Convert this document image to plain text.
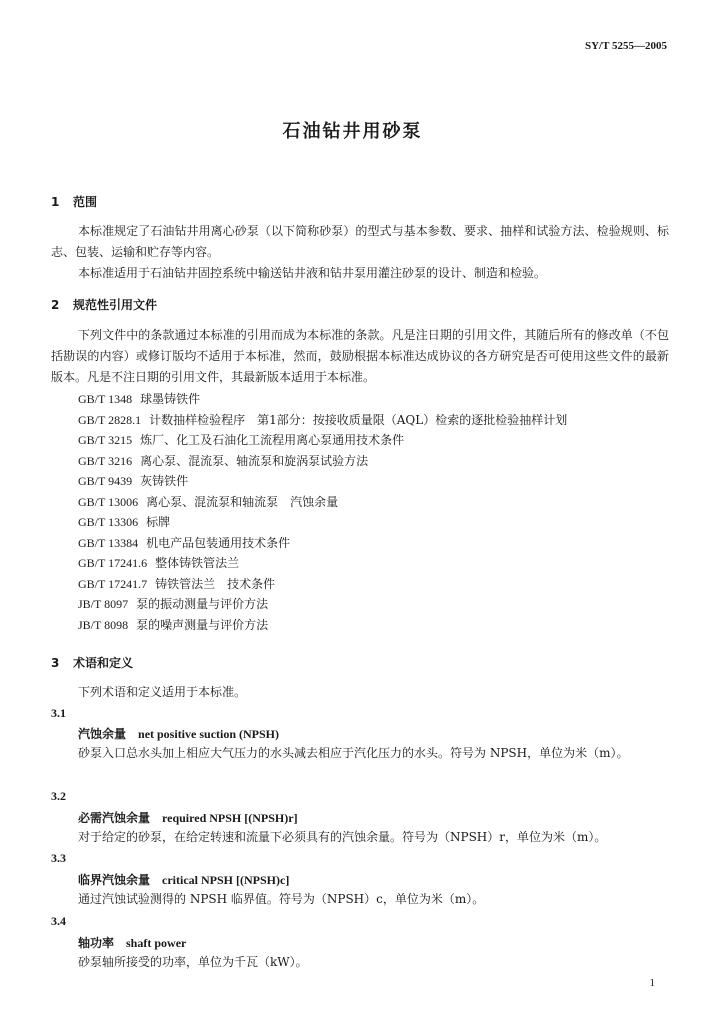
SY/T 5255—2005
石油钻井用砂泵
1 范围
本标准规定了石油钻井用离心砂泵（以下简称砂泵）的型式与基本参数、要求、抽样和试验方法、检验规则、标志、包装、运输和贮存等内容。
本标准适用于石油钻井固控系统中输送钻井液和钻井泵用灌注砂泵的设计、制造和检验。
2 规范性引用文件
下列文件中的条款通过本标准的引用而成为本标准的条款。凡是注日期的引用文件，其随后所有的修改单（不包括勘误的内容）或修订版均不适用于本标准，然而，鼓励根据本标准达成协议的各方研究是否可使用这些文件的最新版本。凡是不注日期的引用文件，其最新版本适用于本标准。
GB/T 1348 球墨铸铁件
GB/T 2828.1 计数抽样检验程序　第1部分：按接收质量限（AQL）检索的逐批检验抽样计划
GB/T 3215 炼厂、化工及石油化工流程用离心泵通用技术条件
GB/T 3216 离心泵、混流泵、轴流泵和旋涡泵试验方法
GB/T 9439 灰铸铁件
GB/T 13006 离心泵、混流泵和轴流泵　汽蚀余量
GB/T 13306 标牌
GB/T 13384 机电产品包装通用技术条件
GB/T 17241.6 整体铸铁管法兰
GB/T 17241.7 铸铁管法兰　技术条件
JB/T 8097 泵的振动测量与评价方法
JB/T 8098 泵的噪声测量与评价方法
3 术语和定义
下列术语和定义适用于本标准。
3.1
汽蚀余量 net positive suction (NPSH)
砂泵入口总水头加上相应大气压力的水头减去相应于汽化压力的水头。符号为 NPSH，单位为米（m）。
3.2
必需汽蚀余量 required NPSH [(NPSH)r]
对于给定的砂泵，在给定转速和流量下必须具有的汽蚀余量。符号为（NPSH）r，单位为米（m）。
3.3
临界汽蚀余量 critical NPSH [(NPSH)c]
通过汽蚀试验测得的 NPSH 临界值。符号为（NPSH）c，单位为米（m）。
3.4
轴功率 shaft power
砂泵轴所接受的功率，单位为千瓦（kW）。
1
